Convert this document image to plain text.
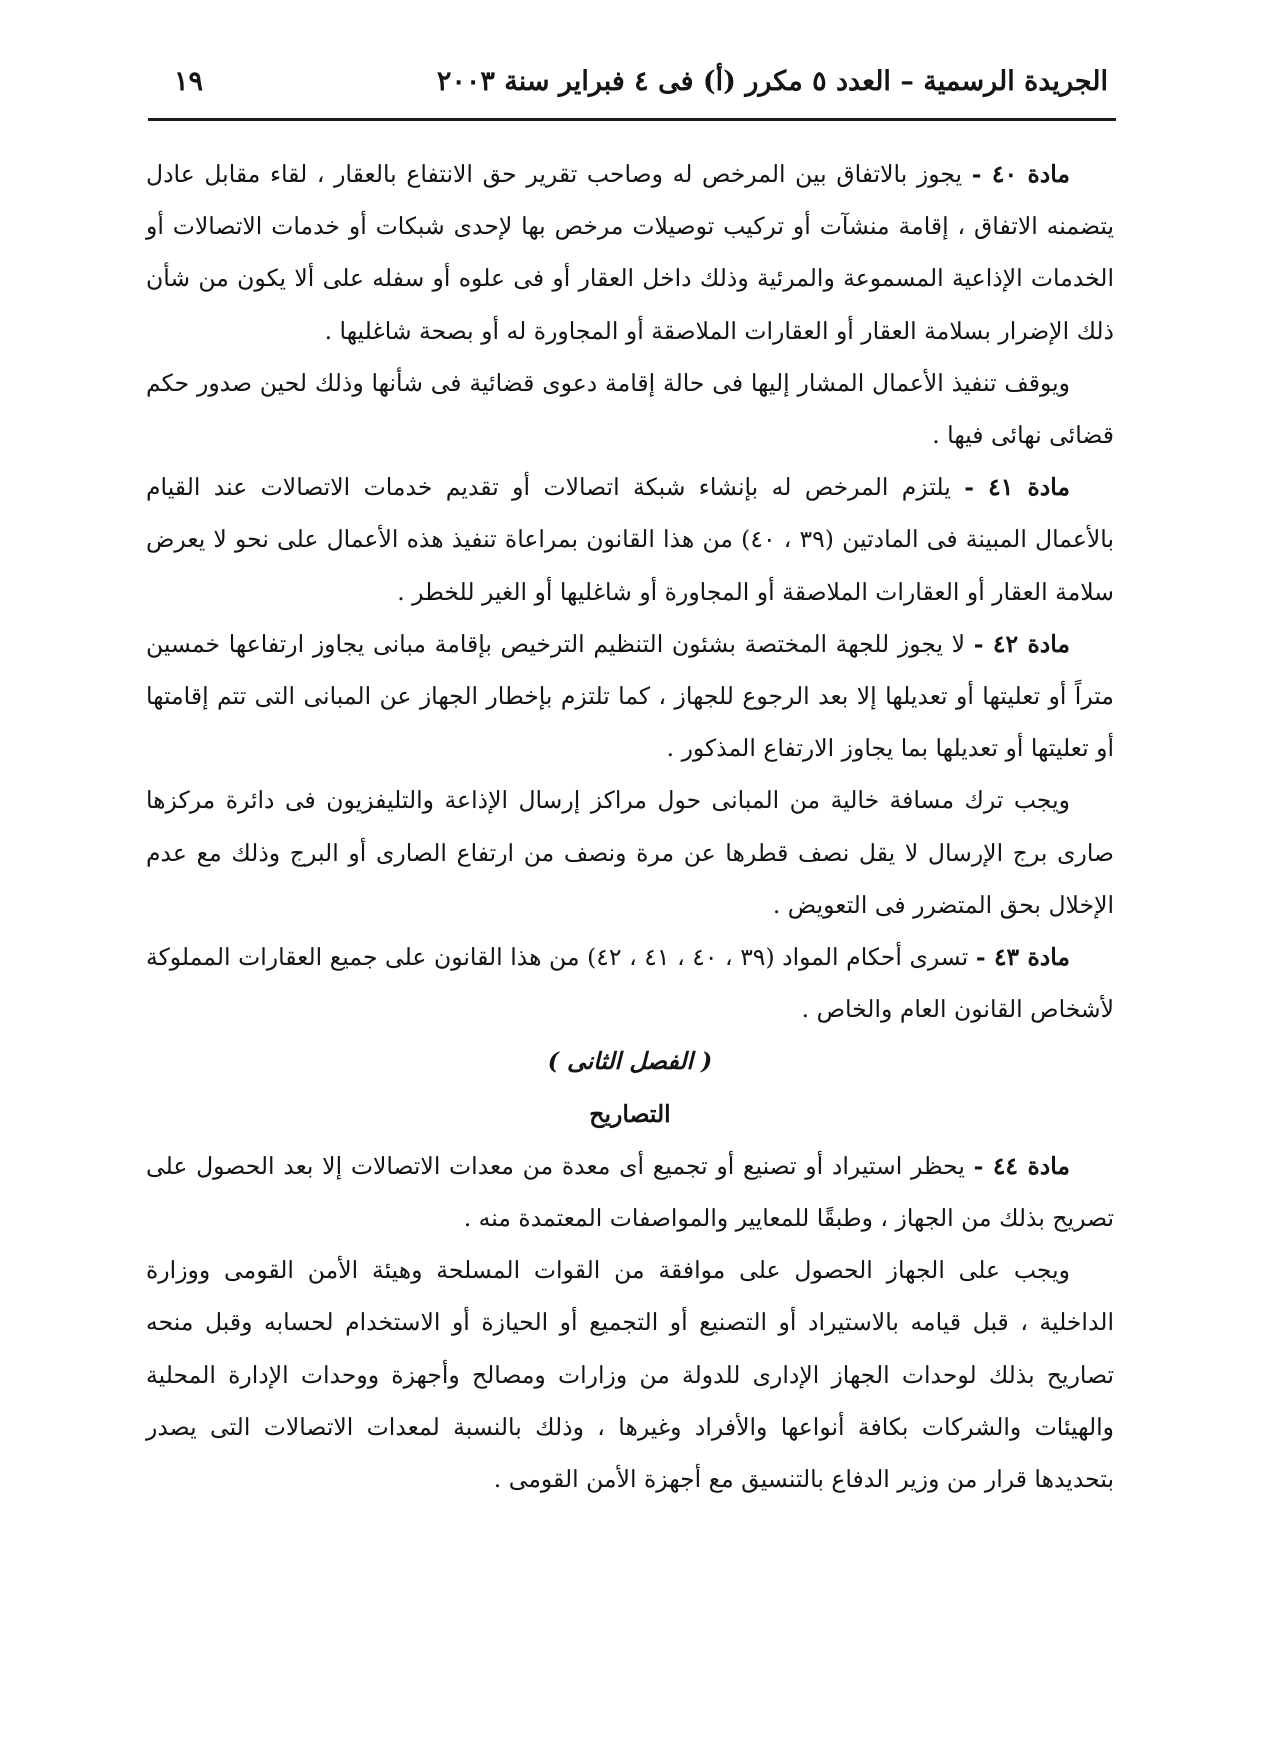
الجريدة الرسمية – العدد ٥ مكرر (أ) فى ٤ فبراير سنة ٢٠٠٣
١٩

مادة ٤٠ - يجوز بالاتفاق بين المرخص له وصاحب تقرير حق الانتفاع بالعقار ، لقاء مقابل عادل يتضمنه الاتفاق ، إقامة منشآت أو تركيب توصيلات مرخص بها لإحدى شبكات أو خدمات الاتصالات أو الخدمات الإذاعية المسموعة والمرئية وذلك داخل العقار أو فى علوه أو سفله على ألا يكون من شأن ذلك الإضرار بسلامة العقار أو العقارات الملاصقة أو المجاورة له أو بصحة شاغليها .

ويوقف تنفيذ الأعمال المشار إليها فى حالة إقامة دعوى قضائية فى شأنها وذلك لحين صدور حكم قضائى نهائى فيها .

مادة ٤١ - يلتزم المرخص له بإنشاء شبكة اتصالات أو تقديم خدمات الاتصالات عند القيام بالأعمال المبينة فى المادتين (٣٩ ، ٤٠) من هذا القانون بمراعاة تنفيذ هذه الأعمال على نحو لا يعرض سلامة العقار أو العقارات الملاصقة أو المجاورة أو شاغليها أو الغير للخطر .

مادة ٤٢ - لا يجوز للجهة المختصة بشئون التنظيم الترخيص بإقامة مبانى يجاوز ارتفاعها خمسين متراً أو تعليتها أو تعديلها إلا بعد الرجوع للجهاز ، كما تلتزم بإخطار الجهاز عن المبانى التى تتم إقامتها أو تعليتها أو تعديلها بما يجاوز الارتفاع المذكور .

ويجب ترك مسافة خالية من المبانى حول مراكز إرسال الإذاعة والتليفزيون فى دائرة مركزها صارى برج الإرسال لا يقل نصف قطرها عن مرة ونصف من ارتفاع الصارى أو البرج وذلك مع عدم الإخلال بحق المتضرر فى التعويض .

مادة ٤٣ - تسرى أحكام المواد (٣٩ ، ٤٠ ، ٤١ ، ٤٢) من هذا القانون على جميع العقارات المملوكة لأشخاص القانون العام والخاص .

( الفصل الثانى )

التصاريح

مادة ٤٤ - يحظر استيراد أو تصنيع أو تجميع أى معدة من معدات الاتصالات إلا بعد الحصول على تصريح بذلك من الجهاز ، وطبقًا للمعايير والمواصفات المعتمدة منه .

ويجب على الجهاز الحصول على موافقة من القوات المسلحة وهيئة الأمن القومى ووزارة الداخلية ، قبل قيامه بالاستيراد أو التصنيع أو التجميع أو الحيازة أو الاستخدام لحسابه وقبل منحه تصاريح بذلك لوحدات الجهاز الإدارى للدولة من وزارات ومصالح وأجهزة ووحدات الإدارة المحلية والهيئات والشركات بكافة أنواعها والأفراد وغيرها ، وذلك بالنسبة لمعدات الاتصالات التى يصدر بتحديدها قرار من وزير الدفاع بالتنسيق مع أجهزة الأمن القومى .
